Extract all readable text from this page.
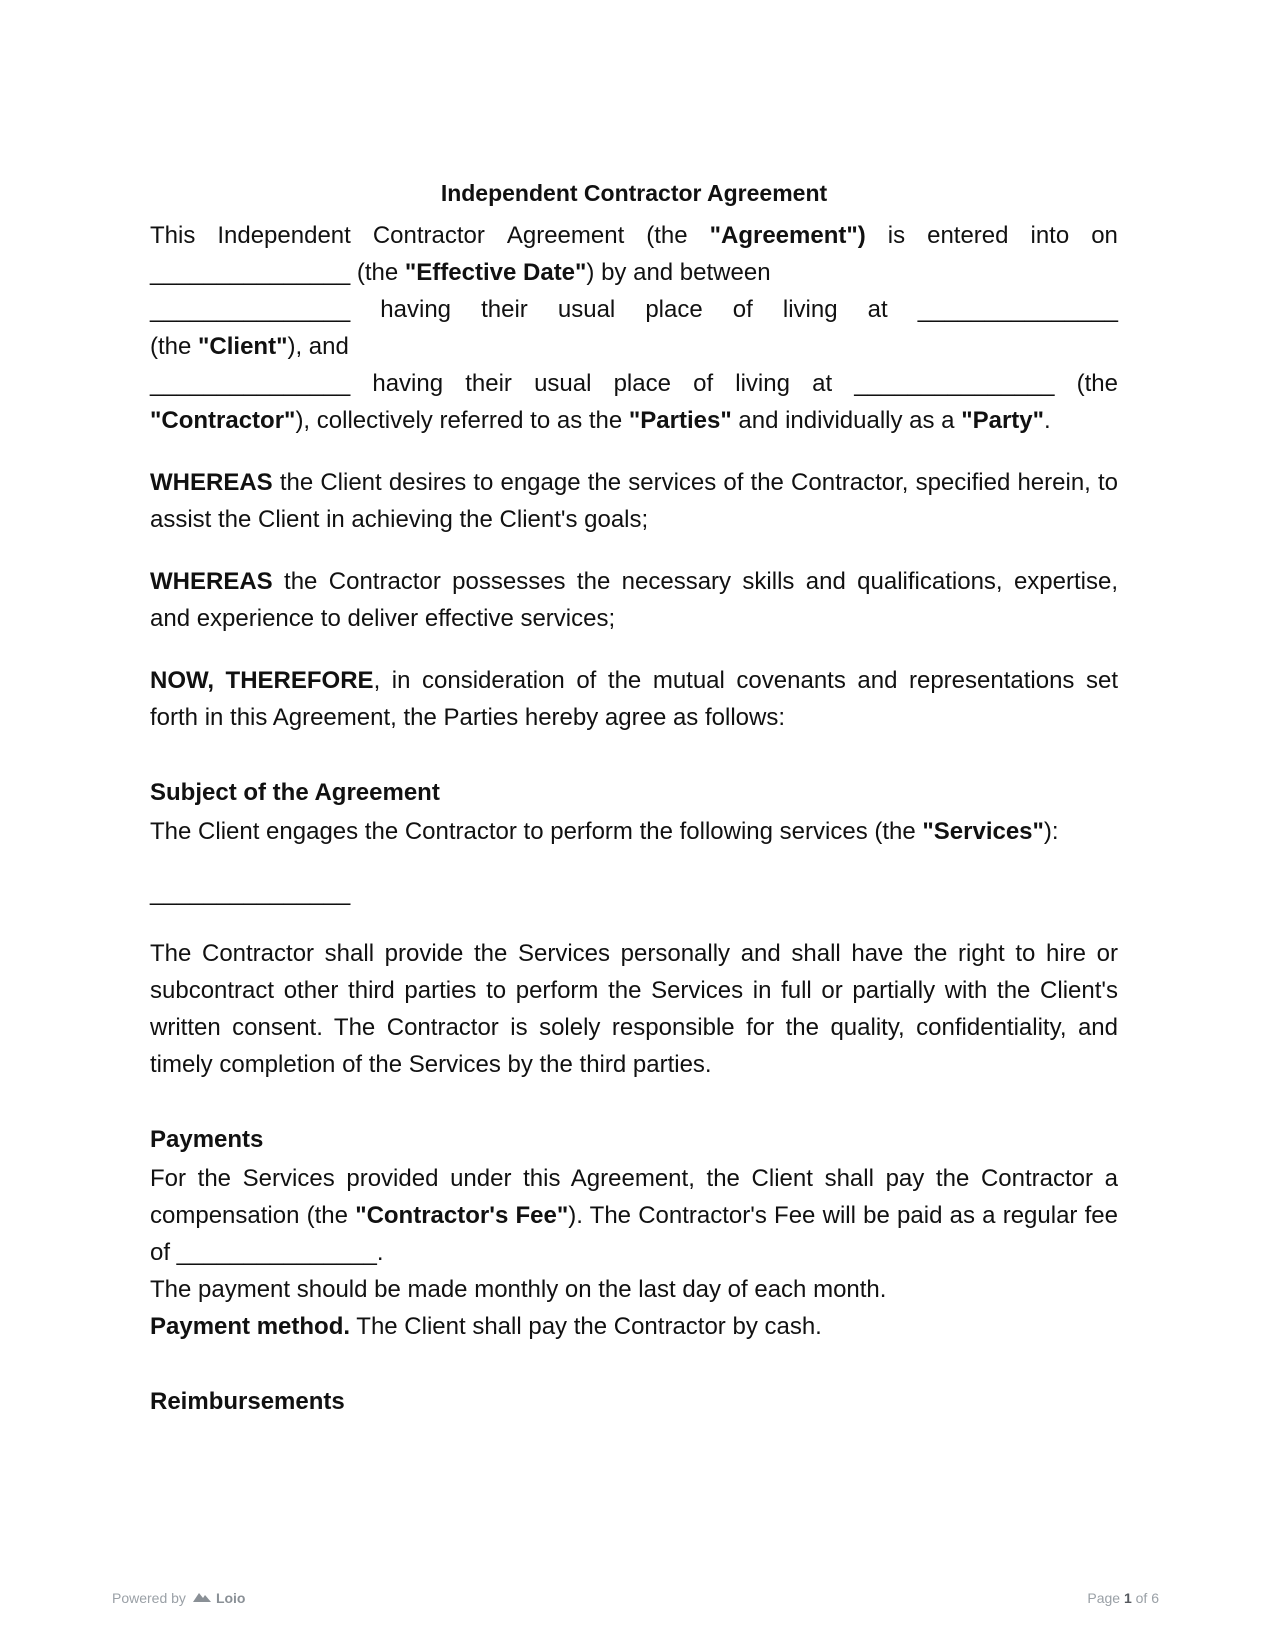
Independent Contractor Agreement
This Independent Contractor Agreement (the "Agreement") is entered into on
_______________ (the "Effective Date") by and between
_______________ having their usual place of living at _______________
(the "Client"), and
_______________ having their usual place of living at _______________ (the
"Contractor"), collectively referred to as the "Parties" and individually as a "Party".

WHEREAS the Client desires to engage the services of the Contractor, specified herein, to assist the Client in achieving the Client's goals;

WHEREAS the Contractor possesses the necessary skills and qualifications, expertise, and experience to deliver effective services;

NOW, THEREFORE, in consideration of the mutual covenants and representations set forth in this Agreement, the Parties hereby agree as follows:

Subject of the Agreement

The Client engages the Contractor to perform the following services (the "Services"):

_______________

The Contractor shall provide the Services personally and shall have the right to hire or subcontract other third parties to perform the Services in full or partially with the Client's written consent. The Contractor is solely responsible for the quality, confidentiality, and timely completion of the Services by the third parties.

Payments

For the Services provided under this Agreement, the Client shall pay the Contractor a compensation (the "Contractor's Fee"). The Contractor's Fee will be paid as a regular fee of _______________.

The payment should be made monthly on the last day of each month.

Payment method. The Client shall pay the Contractor by cash.

Reimbursements
Powered by Loio	Page 1 of 6
